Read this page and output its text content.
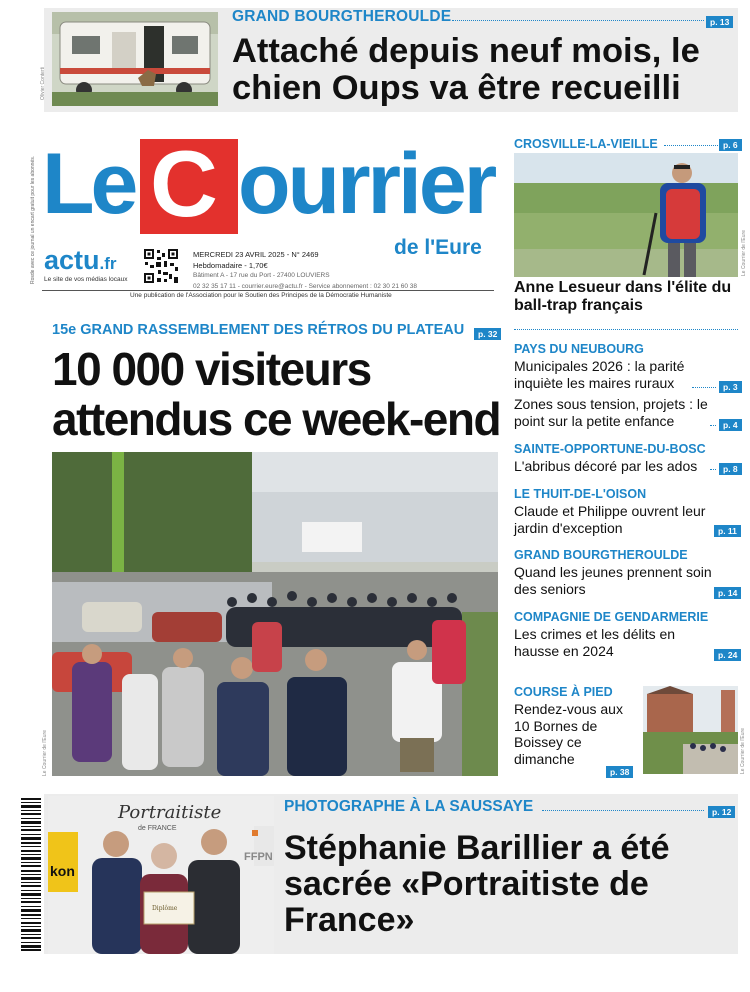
Olivier Conterti
GRAND BOURGTHEROULDE	p. 13
Attaché depuis neuf mois, le chien Oups va être recueilli
Rosde avec ce journal un encart gratuit pour les abonnés. Le C ourrier
de l'Eure
actu.fr
Le site de vos médias locaux
MERCREDI 23 AVRIL 2025 - N° 2469
Hebdomadaire - 1,70€
Bâtiment A - 17 rue du Port - 27400 LOUVIERS
02 32 35 17 11 - courrier.eure@actu.fr - Service abonnement : 02 30 21 60 38
Une publication de l'Association pour le Soutien des Principes de la Démocratie Humaniste
15e GRAND RASSEMBLEMENT DES RÉTROS DU PLATEAU	p. 32
10 000 visiteurs attendus ce week-end
Le Courrier de l'Eure
CROSVILLE-LA-VIEILLE	p. 6
Le Courrier de l'Eure
Anne Lesueur dans l'élite du ball-trap français
PAYS DU NEUBOURG
Municipales 2026 : la parité inquiète les maires ruraux	p. 3
Zones sous tension, projets : le point sur la petite enfance	p. 4
SAINTE-OPPORTUNE-DU-BOSC
L'abribus décoré par les ados	p. 8
LE THUIT-DE-L'OISON
Claude et Philippe ouvrent leur jardin d'exception	p. 11
GRAND BOURGTHEROULDE
Quand les jeunes prennent soin des seniors	p. 14
COMPAGNIE DE GENDARMERIE
Les crimes et les délits en hausse en 2024	p. 24
COURSE À PIED
Rendez-vous aux 10 Bornes de Boissey ce dimanche
p. 38	Le Courrier de l'Eure
kon
FFPN
Portraitiste
de FRANCE
Diplôme
PHOTOGRAPHE À LA SAUSSAYE	p. 12
Stéphanie Barillier a été sacrée «Portraitiste de France»
